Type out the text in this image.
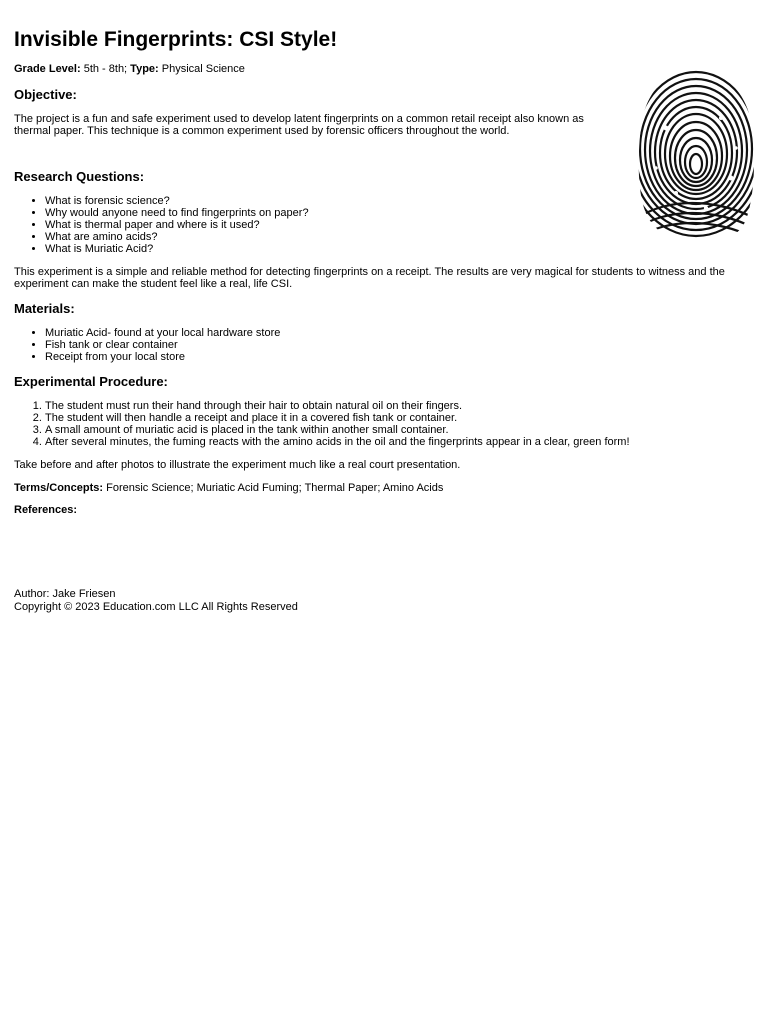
Invisible Fingerprints: CSI Style!

Grade Level: 5th - 8th; Type: Physical Science

Objective:

The project is a fun and safe experiment used to develop latent fingerprints on a common retail receipt also known as thermal paper. This technique is a common experiment used by forensic officers throughout the world.

Research Questions:
• What is forensic science?
• Why would anyone need to find fingerprints on paper?
• What is thermal paper and where is it used?
• What are amino acids?
• What is Muriatic Acid?

This experiment is a simple and reliable method for detecting fingerprints on a receipt. The results are very magical for students to witness and the experiment can make the student feel like a real, life CSI.

Materials:
• Muriatic Acid- found at your local hardware store
• Fish tank or clear container
• Receipt from your local store
Experimental Procedure:
1. The student must run their hand through their hair to obtain natural oil on their fingers.
2. The student will then handle a receipt and place it in a covered fish tank or container.
3. A small amount of muriatic acid is placed in the tank within another small container.
4. After several minutes, the fuming reacts with the amino acids in the oil and the fingerprints appear in a clear, green form!

Take before and after photos to illustrate the experiment much like a real court presentation.

Terms/Concepts: Forensic Science; Muriatic Acid Fuming; Thermal Paper; Amino Acids

References:

Author: Jake Friesen

Copyright © 2023 Education.com LLC All Rights Reserved
